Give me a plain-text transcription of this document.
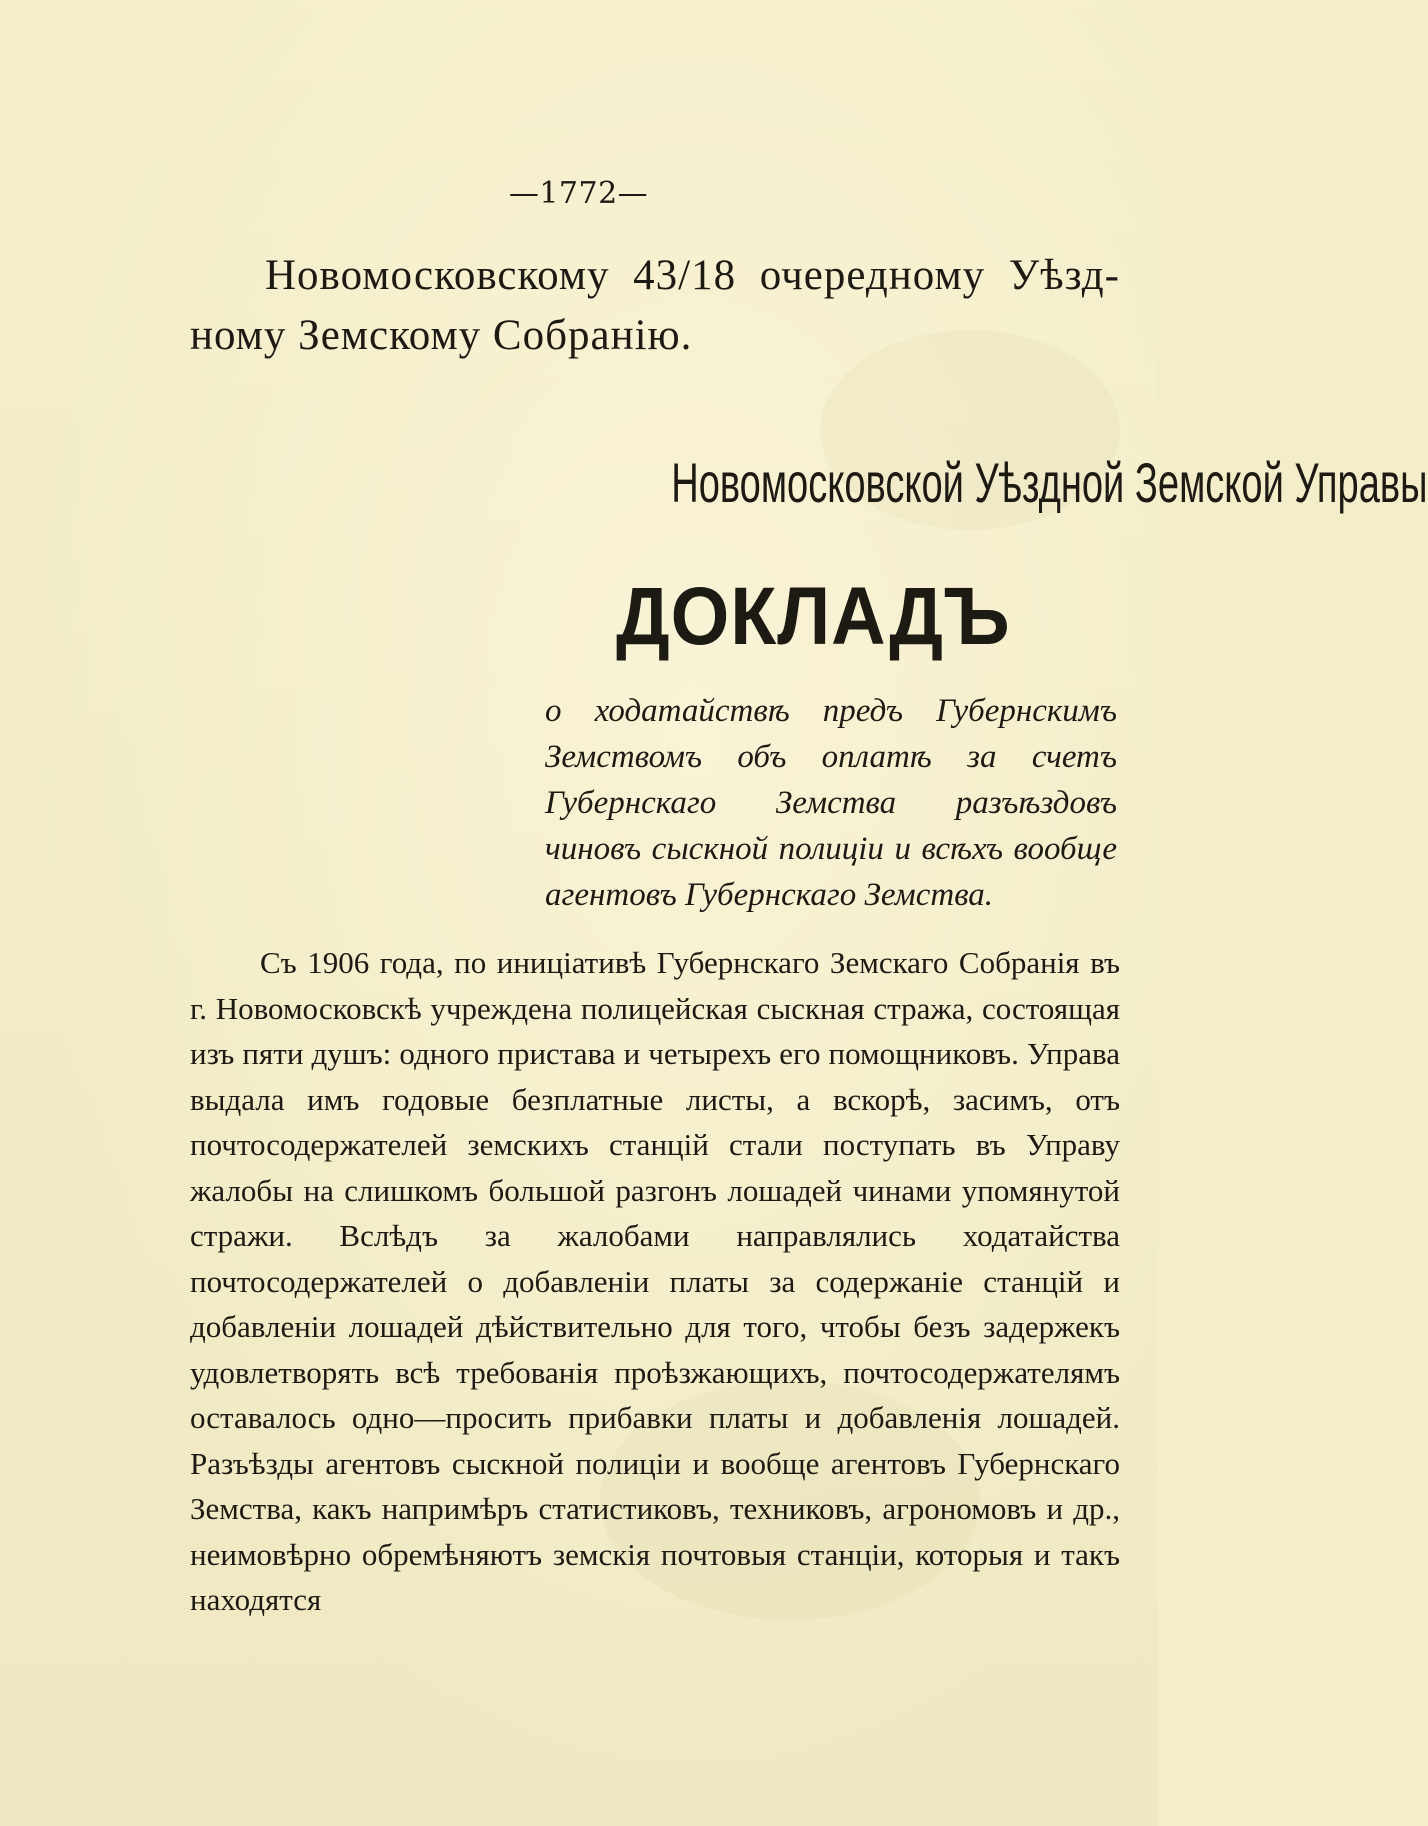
—1772—
Новомосковскому 43/18 очередному Уѣзд-
ному Земскому Собранію.
Новомосковской Уѣздной Земской Управы
ДОКЛАДЪ
о ходатайствѣ предъ Губернскимъ Земствомъ объ оплатѣ за счетъ Губернскаго Земства разъѣздовъ чиновъ сыскной полиціи и всѣхъ вообще агентовъ Губернскаго Земства.

Съ 1906 года, по иниціативѣ Губернскаго Земскаго Собранія въ г. Новомосковскѣ учреждена полицейская сыскная стража, состоящая изъ пяти душъ: одного пристава и четырехъ его помощниковъ. Управа выдала имъ годовые безплатные листы, а вскорѣ, засимъ, отъ почтосодержателей земскихъ станцій стали поступать въ Управу жалобы на слишкомъ большой разгонъ лошадей чинами упомянутой стражи. Вслѣдъ за жалобами направлялись ходатайства почтосодержателей о добавленіи платы за содержаніе станцій и добавленіи лошадей дѣйствительно для того, чтобы безъ задержекъ удовлетворять всѣ требованія проѣзжающихъ, почтосодержателямъ оставалось одно—просить прибавки платы и добавленія лошадей. Разъѣзды агентовъ сыскной полиціи и вообще агентовъ Губернскаго Земства, какъ напримѣръ статистиковъ, техниковъ, агрономовъ и др., неимовѣрно обремѣняютъ земскія почтовыя станціи, которыя и такъ находятся
